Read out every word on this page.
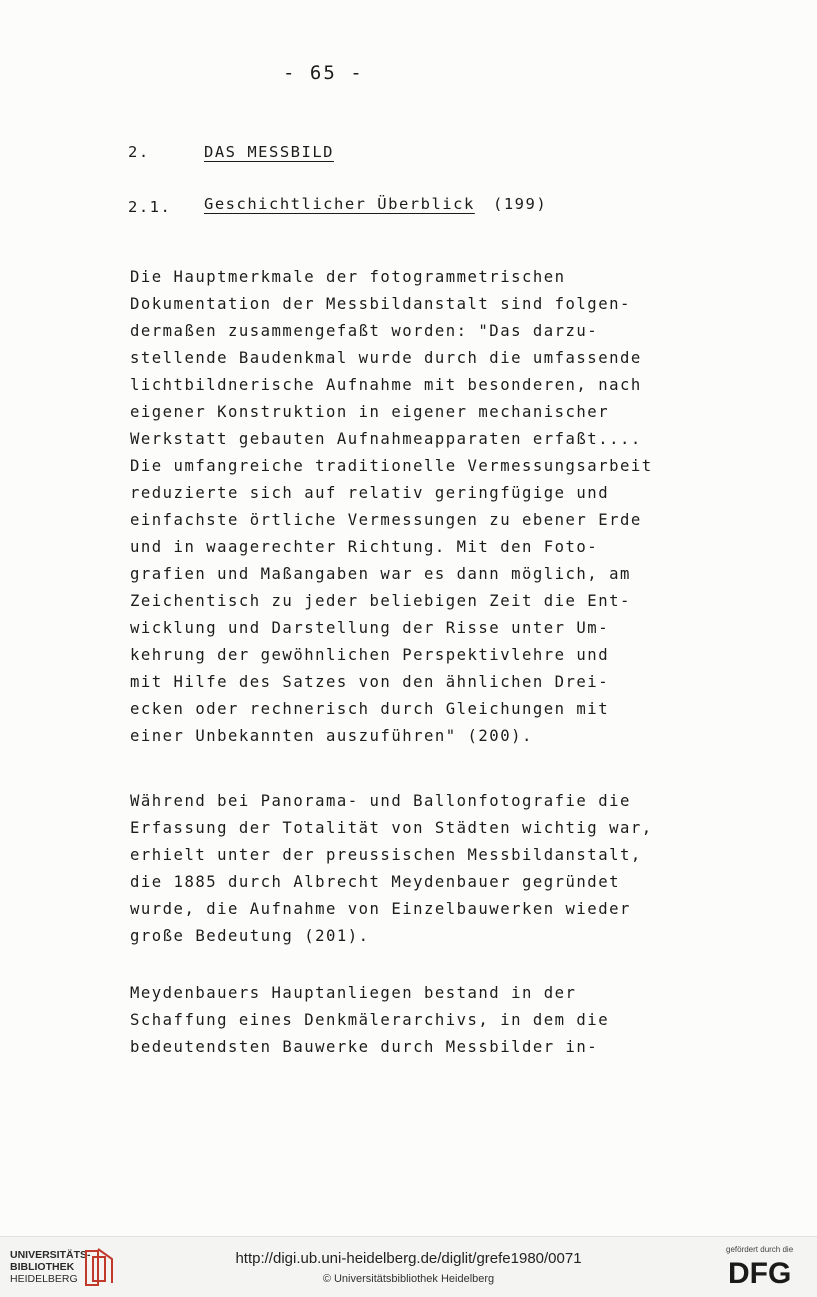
- 65 -
2.	DAS MESSBILD
2.1. Geschichtlicher Überblick (199)
Die Hauptmerkmale der fotogrammetrischen
Dokumentation der Messbildanstalt sind folgen-
dermaßen zusammengefaßt worden: "Das darzu-
stellende Baudenkmal wurde durch die umfassende
lichtbildnerische Aufnahme mit besonderen, nach
eigener Konstruktion in eigener mechanischer
Werkstatt gebauten Aufnahmeapparaten erfaßt....
Die umfangreiche traditionelle Vermessungsarbeit
reduzierte sich auf relativ geringfügige und
einfachste örtliche Vermessungen zu ebener Erde
und in waagerechter Richtung. Mit den Foto-
grafien und Maßangaben war es dann möglich, am
Zeichentisch zu jeder beliebigen Zeit die Ent-
wicklung und Darstellung der Risse unter Um-
kehrung der gewöhnlichen Perspektivlehre und
mit Hilfe des Satzes von den ähnlichen Drei-
ecken oder rechnerisch durch Gleichungen mit
einer Unbekannten auszuführen" (200).
Während bei Panorama- und Ballonfotografie die
Erfassung der Totalität von Städten wichtig war,
erhielt unter der preussischen Messbildanstalt,
die 1885 durch Albrecht Meydenbauer gegründet
wurde, die Aufnahme von Einzelbauwerken wieder
große Bedeutung (201).
Meydenbauers Hauptanliegen bestand in der
Schaffung eines Denkmälerarchivs, in dem die
bedeutendsten Bauwerke durch Messbilder in-
UNIVERSITÄTS-
BIBLIOTHEK
HEIDELBERG
http://digi.ub.uni-heidelberg.de/diglit/grefe1980/0071
© Universitätsbibliothek Heidelberg
gefördert durch die
DFG
